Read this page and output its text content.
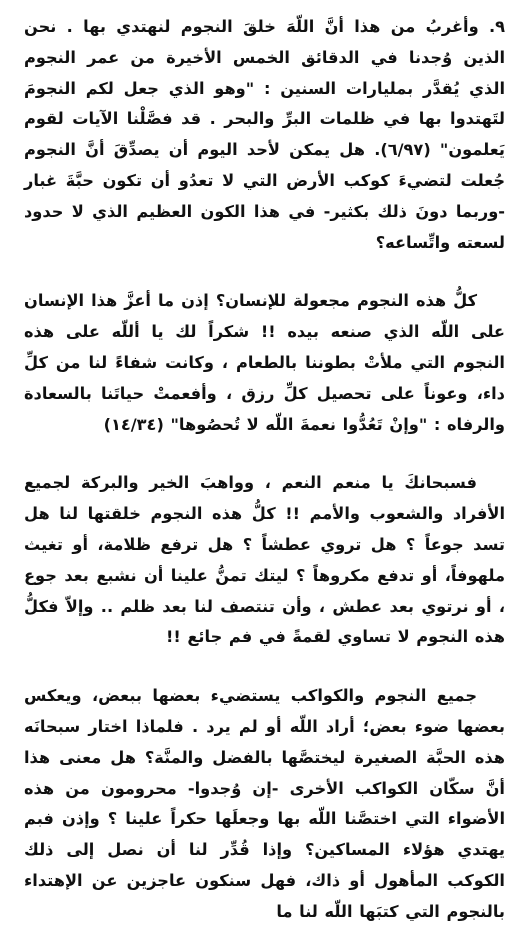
٩. وأغربُ من هذا أنَّ اللّهَ خلقَ النجوم لنهتدي بها . نحن الذين وُجدنا في الدقائق الخمس الأخيرة من عمر النجوم الذي يُقدَّر بمليارات السنين : "وهو الذي جعل لكم النجومَ لتَهتدوا بها في ظلمات البرِّ والبحر . قد فصَّلْنا الآيات لقوم يَعلمون" (٦/٩٧). هل يمكن لأحد اليوم أن يصدِّقَ أنَّ النجوم جُعلت لتضيءَ كوكب الأرض التي لا تعدُو أن تكون حبَّةَ غبار -وربما دونَ ذلك بكثير- في هذا الكون العظيم الذي لا حدود لسعته واتِّساعه؟

كلُّ هذه النجوم مجعولة للإنسان؟ إذن ما أعزَّ هذا الإنسان على اللّه الذي صنعه بيده !! شكراً لك يا أللّه على هذه النجوم التي ملأتْ بطوننا بالطعام ، وكانت شفاءً لنا من كلِّ داء، وعوناً على تحصيل كلِّ رزق ، وأفعمتْ حياتَنا بالسعادة والرفاه : "وإنْ تَعُدُّوا نعمةَ اللّه لا تُحصُوها" (١٤/٣٤)

فسبحانكَ يا منعم النعم ، وواهبَ الخير والبركة لجميع الأفراد والشعوب والأمم !! كلُّ هذه النجوم خلقتها لنا هل تسد جوعاً ؟ هل تروي عطشاً ؟ هل ترفع ظلامة، أو تغيث ملهوفاً، أو تدفع مكروهاً ؟ ليتك تمنُّ علينا أن نشبع بعد جوع ، أو نرتوي بعد عطش ، وأن تنتصف لنا بعد ظلم .. وإلاّ فكلُّ هذه النجوم لا تساوي لقمةً في فم جائع !!

جميع النجوم والكواكب يستضيء بعضها ببعض، ويعكس بعضها ضوء بعض؛ أراد اللّه أو لم يرد . فلماذا اختار سبحانَه هذه الحبَّة الصغيرة ليختصَّها بالفضل والمنَّة؟ هل معنى هذا أنَّ سكّان الكواكب الأخرى -إن وُجدوا- محرومون من هذه الأضواء التي اختصَّنا اللّه بها وجعلَها حكراً علينا ؟ وإذن فبم يهتدي هؤلاء المساكين؟ وإذا قُدِّر لنا أن نصل إلى ذلك الكوكب المأهول أو ذاك، فهل سنكون عاجزين عن الإهتداء بالنجوم التي كتبَها اللّه لنا ما
